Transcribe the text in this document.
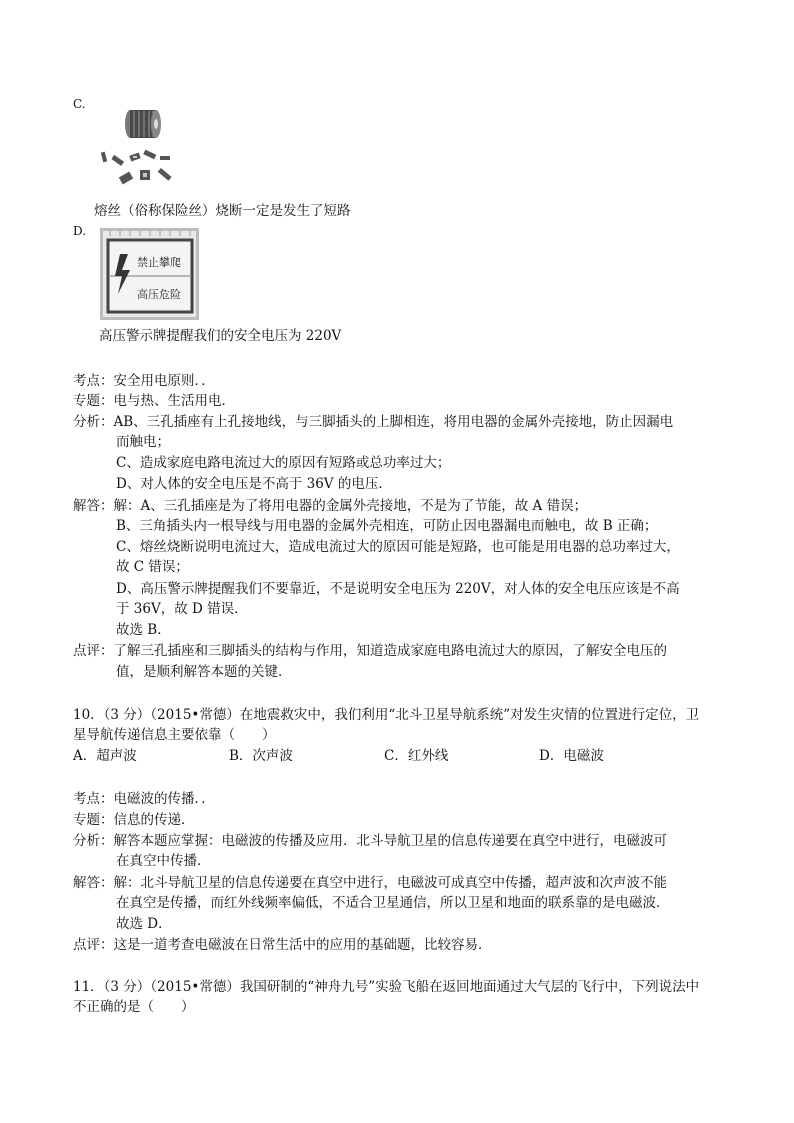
C.
熔丝（俗称保险丝）烧断一定是发生了短路
D.
禁止攀爬
高压危险
高压警示牌提醒我们的安全电压为 220V
考点：安全用电原则．．
专题：电与热、生活用电．
分析：AB、三孔插座有上孔接地线，与三脚插头的上脚相连，将用电器的金属外壳接地，防止因漏电
而触电；
C、造成家庭电路电流过大的原因有短路或总功率过大；
D、对人体的安全电压是不高于 36V 的电压．
解答：解：A、三孔插座是为了将用电器的金属外壳接地，不是为了节能，故 A 错误；
B、三角插头内一根导线与用电器的金属外壳相连，可防止因电器漏电而触电，故 B 正确；
C、熔丝烧断说明电流过大，造成电流过大的原因可能是短路，也可能是用电器的总功率过大，
故 C 错误；
D、高压警示牌提醒我们不要靠近，不是说明安全电压为 220V，对人体的安全电压应该是不高
于 36V，故 D 错误．
故选 B．
点评：了解三孔插座和三脚插头的结构与作用，知道造成家庭电路电流过大的原因，了解安全电压的
值，是顺利解答本题的关键．
10．（3 分）（2015•常德）在地震救灾中，我们利用“北斗卫星导航系统”对发生灾情的位置进行定位，卫
星导航传递信息主要依靠（　　）
A．超声波	B．次声波	C．红外线	D．电磁波
考点：电磁波的传播．．
专题：信息的传递．
分析：解答本题应掌握：电磁波的传播及应用．北斗导航卫星的信息传递要在真空中进行，电磁波可
在真空中传播．
解答：解：北斗导航卫星的信息传递要在真空中进行，电磁波可成真空中传播，超声波和次声波不能
在真空是传播，而红外线频率偏低，不适合卫星通信，所以卫星和地面的联系靠的是电磁波．
故选 D．
点评：这是一道考查电磁波在日常生活中的应用的基础题，比较容易．
11．（3 分）（2015•常德）我国研制的“神舟九号”实验飞船在返回地面通过大气层的飞行中，下列说法中
不正确的是（　　）
